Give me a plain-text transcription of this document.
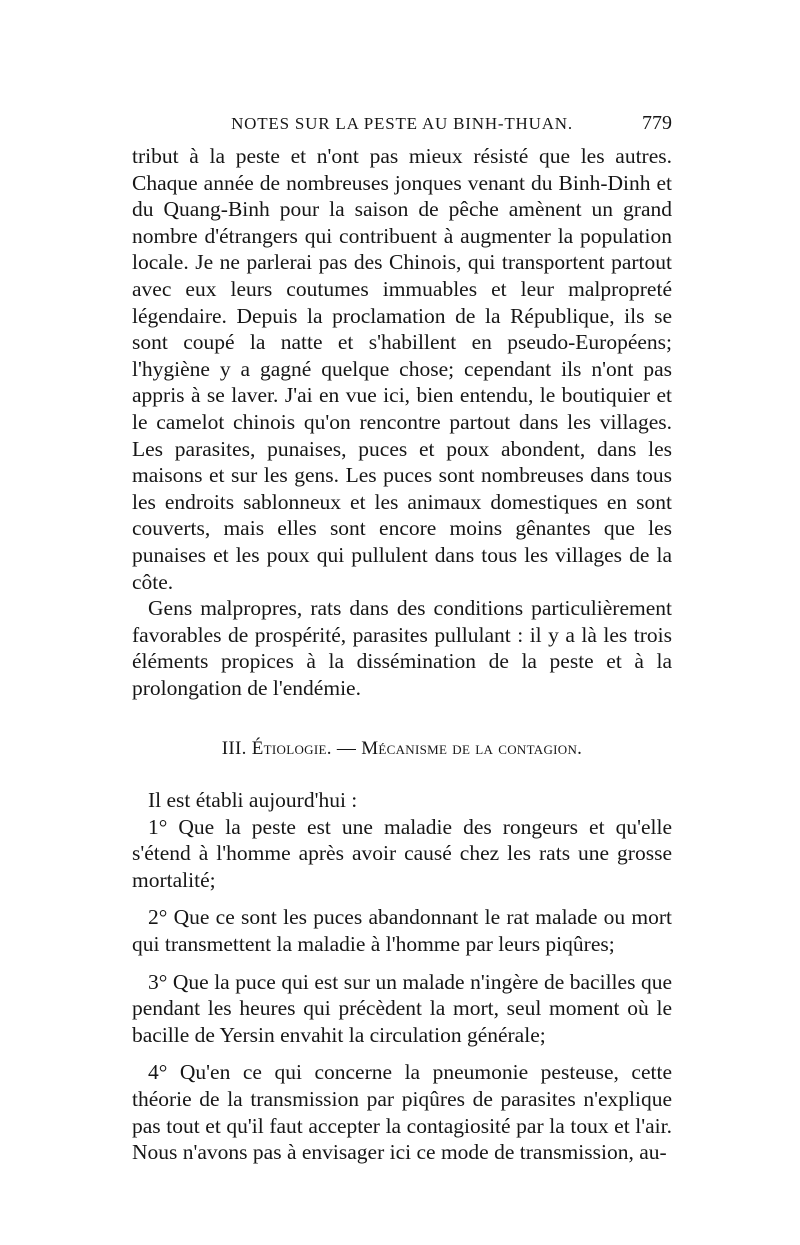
NOTES SUR LA PESTE AU BINH-THUAN.	779

tribut à la peste et n'ont pas mieux résisté que les autres. Chaque année de nombreuses jonques venant du Binh-Dinh et du Quang-Binh pour la saison de pêche amènent un grand nombre d'étrangers qui contribuent à augmenter la population locale. Je ne parlerai pas des Chinois, qui transportent partout avec eux leurs coutumes immuables et leur malpropreté légendaire. Depuis la proclamation de la République, ils se sont coupé la natte et s'habillent en pseudo-Européens; l'hygiène y a gagné quelque chose; cependant ils n'ont pas appris à se laver. J'ai en vue ici, bien entendu, le boutiquier et le camelot chinois qu'on rencontre partout dans les villages. Les parasites, punaises, puces et poux abondent, dans les maisons et sur les gens. Les puces sont nombreuses dans tous les endroits sablonneux et les animaux domestiques en sont couverts, mais elles sont encore moins gênantes que les punaises et les poux qui pullulent dans tous les villages de la côte.

Gens malpropres, rats dans des conditions particulièrement favorables de prospérité, parasites pullulant : il y a là les trois éléments propices à la dissémination de la peste et à la prolongation de l'endémie.

III. Étiologie. — Mécanisme de la contagion.

Il est établi aujourd'hui :

1° Que la peste est une maladie des rongeurs et qu'elle s'étend à l'homme après avoir causé chez les rats une grosse mortalité;

2° Que ce sont les puces abandonnant le rat malade ou mort qui transmettent la maladie à l'homme par leurs piqûres;

3° Que la puce qui est sur un malade n'ingère de bacilles que pendant les heures qui précèdent la mort, seul moment où le bacille de Yersin envahit la circulation générale;

4° Qu'en ce qui concerne la pneumonie pesteuse, cette théorie de la transmission par piqûres de parasites n'explique pas tout et qu'il faut accepter la contagiosité par la toux et l'air. Nous n'avons pas à envisager ici ce mode de transmission, au-
